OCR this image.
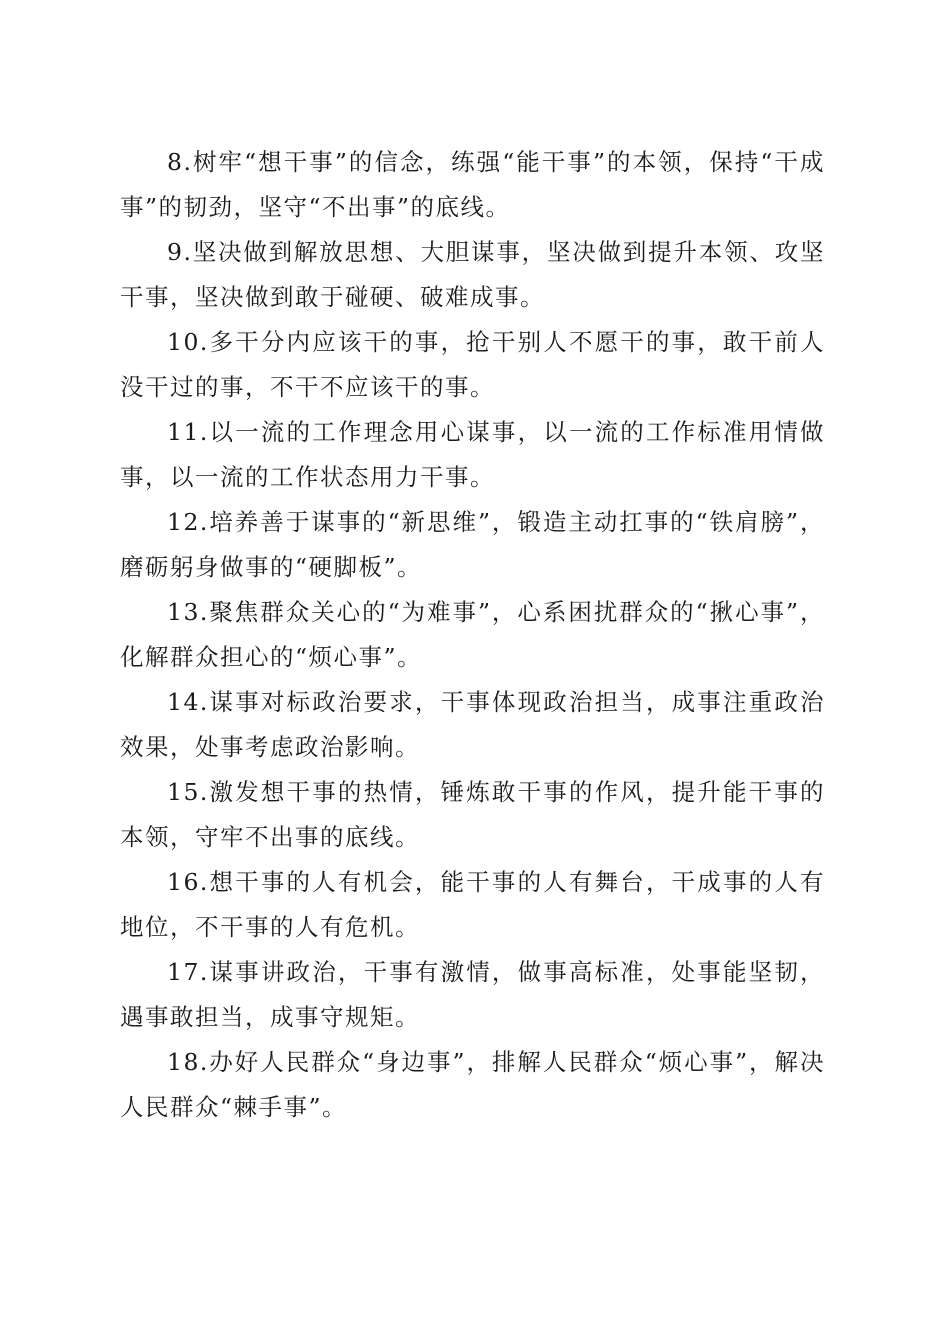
8.树牢“想干事”的信念，练强“能干事”的本领，保持“干成事”的韧劲，坚守“不出事”的底线。

9.坚决做到解放思想、大胆谋事，坚决做到提升本领、攻坚干事，坚决做到敢于碰硬、破难成事。

10.多干分内应该干的事，抢干别人不愿干的事，敢干前人没干过的事，不干不应该干的事。

11.以一流的工作理念用心谋事，以一流的工作标准用情做事，以一流的工作状态用力干事。

12.培养善于谋事的“新思维”，锻造主动扛事的“铁肩膀”，磨砺躬身做事的“硬脚板”。

13.聚焦群众关心的“为难事”，心系困扰群众的“揪心事”，化解群众担心的“烦心事”。

14.谋事对标政治要求，干事体现政治担当，成事注重政治效果，处事考虑政治影响。

15.激发想干事的热情，锤炼敢干事的作风，提升能干事的本领，守牢不出事的底线。

16.想干事的人有机会，能干事的人有舞台，干成事的人有地位，不干事的人有危机。

17.谋事讲政治，干事有激情，做事高标准，处事能坚韧，遇事敢担当，成事守规矩。

18.办好人民群众“身边事”，排解人民群众“烦心事”，解决人民群众“棘手事”。
